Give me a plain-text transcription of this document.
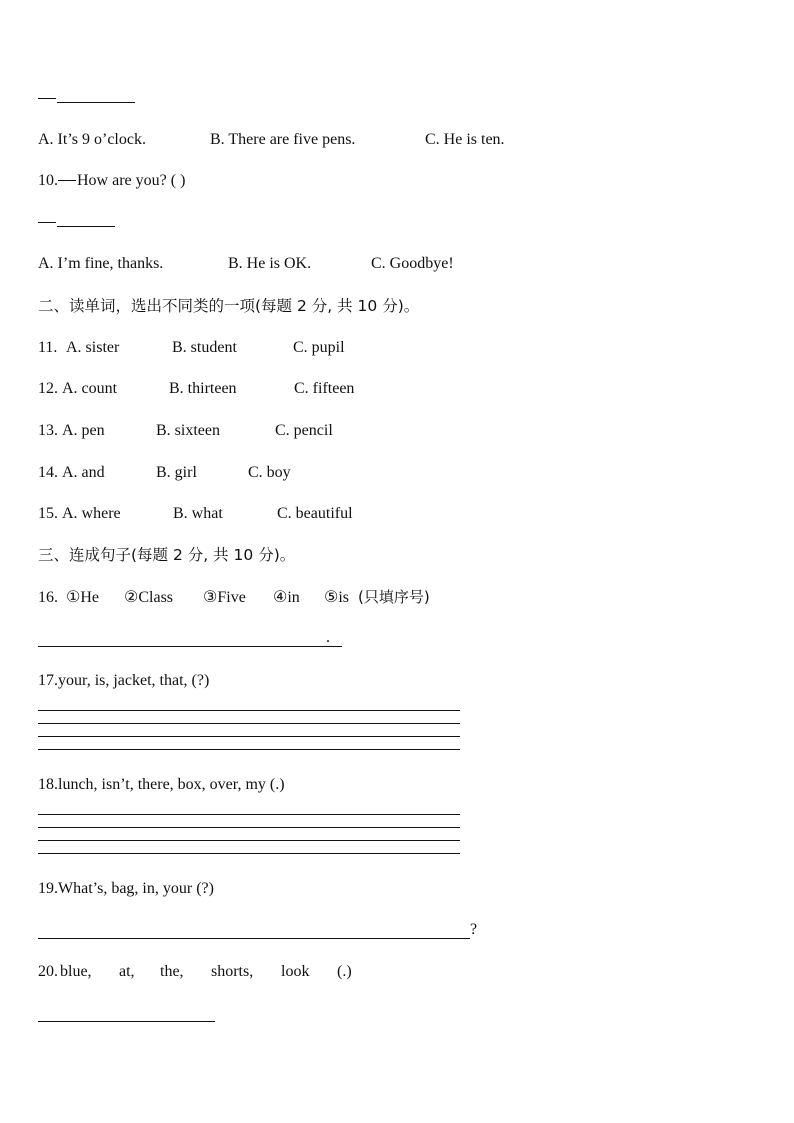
A. It’s 9 o’clock.	B. There are five pens.	C. He is ten.
10. How are you? ( )
A. I’m fine, thanks.	B. He is OK.	C. Goodbye!
二、读单词，选出不同类的一项(每题 2 分, 共 10 分)。
11.A. sister	B. student	C. pupil
12. A. count	B. thirteen	C. fifteen
13. A. pen	B. sixteen	C. pencil
14. A. and	B. girl	C. boy
15. A. where	B. what	C. beautiful
三、连成句子(每题 2 分, 共 10 分)。
16.①He ②Class ③Five ④in ⑤is (只填序号)
.
17.your, is, jacket, that, (?)
18.lunch, isn’t, there, box, over, my (.)
19.What’s, bag, in, your (?)
?
20. blue, at, the, shorts, look (.)
